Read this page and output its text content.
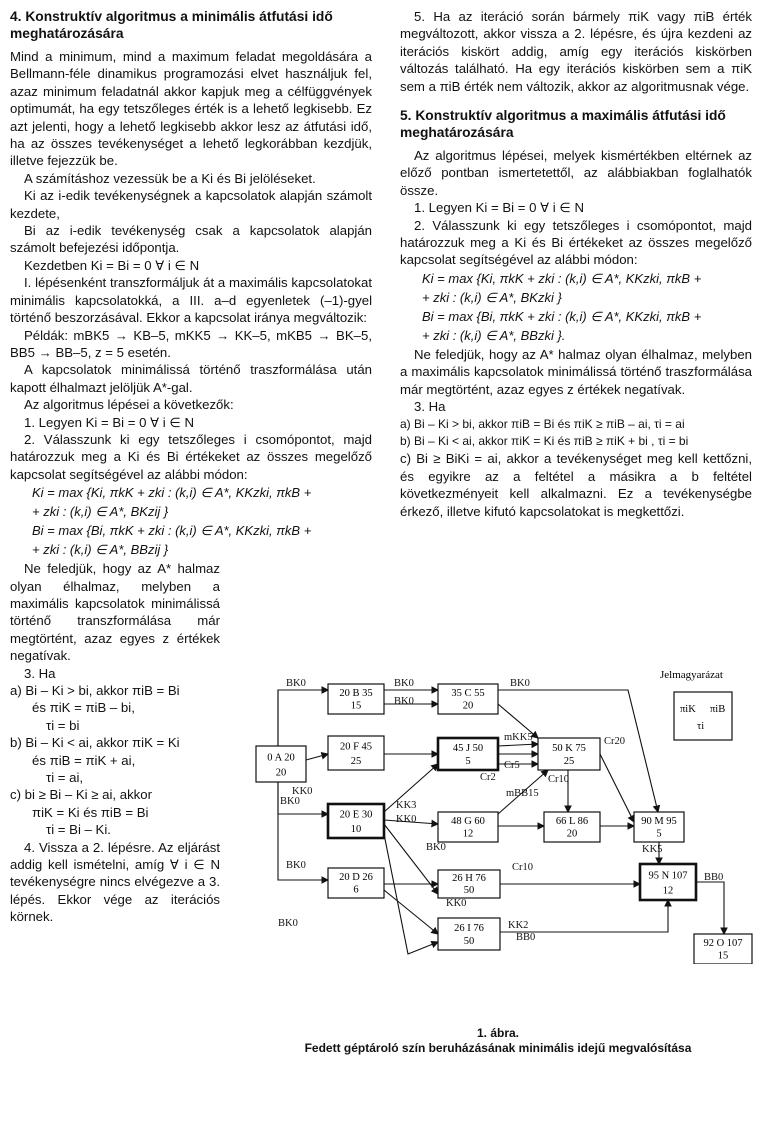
4. Konstruktív algoritmus a minimális átfutási idő meghatározására

Mind a minimum, mind a maximum feladat megoldására a Bellmann-féle dinamikus programozási elvet használjuk fel, azaz minimum feladatnál akkor kapjuk meg a célfüggvények optimumát, ha egy tetszőleges érték is a lehető legkisebb. Ez azt jelenti, hogy a lehető legkisebb akkor lesz az átfutási idő, ha az összes tevékenységet a lehető legkorábban kezdjük, illetve fejezzük be.

A számításhoz vezessük be a Ki és Bi jelöléseket.

Ki az i-edik tevékenységnek a kapcsolatok alapján számolt kezdete,

Bi az i-edik tevékenység csak a kapcsolatok alapján számolt befejezési időpontja.

Kezdetben Ki = Bi = 0 ∀ i ∈ N

I. lépésenként transzformáljuk át a maximális kapcsolatokat minimális kapcsolatokká, a III. a–d egyenletek (–1)-gyel történő beszorzásával. Ekkor a kapcsolat iránya megváltozik:

Példák: mBK5 → KB–5, mKK5 → KK–5, mKB5 → BK–5, BB5 → BB–5, z = 5 esetén.

A kapcsolatok minimálissá történő traszformálása után kapott élhalmazt jelöljük A*-gal.

Az algoritmus lépései a következők:

1. Legyen Ki = Bi = 0 ∀ i ∈ N

2. Válasszunk ki egy tetszőleges i csomópontot, majd határozzuk meg a Ki és Bi értékeket az összes megelőző kapcsolat segítségével az alábbi módon:

Ki = max {Ki, πkK + zki : (k,i) ∈ A*, KKzki, πkB +
+ zki : (k,i) ∈ A*, BKzij }
Bi = max {Bi, πkK + zki : (k,i) ∈ A*, KKzki, πkB +
+ zki : (k,i) ∈ A*, BBzij }

Ne feledjük, hogy az A* halmaz olyan élhalmaz, melyben a maximális kapcsolatok minimálissá történő transzformálása már megtörtént, azaz egyes z értékek negatívak.

3. Ha

a) Bi – Ki > bi, akkor πiB = Bi

és πiK = πiB – bi,

τi = bi

b) Bi – Ki < ai, akkor πiK = Ki

és πiB = πiK + ai,

τi = ai,

c) bi ≥ Bi – Ki ≥ ai, akkor

πiK = Ki és πiB = Bi

τi = Bi – Ki.

4. Vissza a 2. lépésre. Az eljárást addig kell ismételni, amíg ∀ i ∈ N tevékenységre nincs elvégezve a 3. lépés. Ekkor vége az iterációs körnek.

5. Ha az iteráció során bármely πiK vagy πiB érték megváltozott, akkor vissza a 2. lépésre, és újra kezdeni az iterációs kiskört addig, amíg egy iterációs kiskörben változás található. Ha egy iterációs kiskörben sem a πiK sem a πiB érték nem változik, akkor az algoritmusnak vége.

5. Konstruktív algoritmus a maximális átfutási idő meghatározására

Az algoritmus lépései, melyek kismértékben eltérnek az előző pontban ismertetettől, az alábbiakban foglalhatók össze.

1. Legyen Ki = Bi = 0 ∀ i ∈ N

2. Válasszunk ki egy tetszőleges i csomópontot, majd határozzuk meg a Ki és Bi értékeket az összes megelőző kapcsolat segítségével az alábbi módon:

Ki = max {Ki, πkK + zki : (k,i) ∈ A*, KKzki, πkB +
+ zki : (k,i) ∈ A*, BKzki }
Bi = max {Bi, πkK + zki : (k,i) ∈ A*, KKzki, πkB +
+ zki : (k,i) ∈ A*, BBzki }.

Ne feledjük, hogy az A* halmaz olyan élhalmaz, melyben a maximális kapcsolatok minimálissá történő traszformálása már megtörtént, azaz egyes z értékek negatívak.

3. Ha

a) Bi – Ki > bi, akkor πiB = Bi és πiK ≥ πiB – ai, τi = ai

b) Bi – Ki < ai, akkor πiK = Ki és πiB ≥ πiK + bi , τi = bi

c) Bi ≥ BiKi = ai, akkor a tevékenységet meg kell kettőzni, és egyikre az a feltétel a másikra a b feltétel következményeit kell alkalmazni. Ez a tevékenységbe érkező, illetve kifutó kapcsolatokat is megkettőzi.

0 A 20
20
20 B 35
15
35 C 55
20
20 F 45
25
45 J 50
5
50 K 75
25
20 E 30
10
48 G 60
12
66 L 86
20
90 M 95
5
20 D 26
6
26 H 76
50
95 N 107
12
26 I 76
50	92 O 107
15
BK0
BK0
BK0	BK0
BK0
BK0
BK0
KK0
KK3
KK0
mKK5
Cr5
Cr2
mBB15
Cr10
Cr20
Cr10
KK5
KK0
KK2
BB0
BB0
BK0
Jelmagyarázat
πiK πiB
τi
1. ábra.
Fedett géptároló szín beruházásának minimális idejű megvalósítása
